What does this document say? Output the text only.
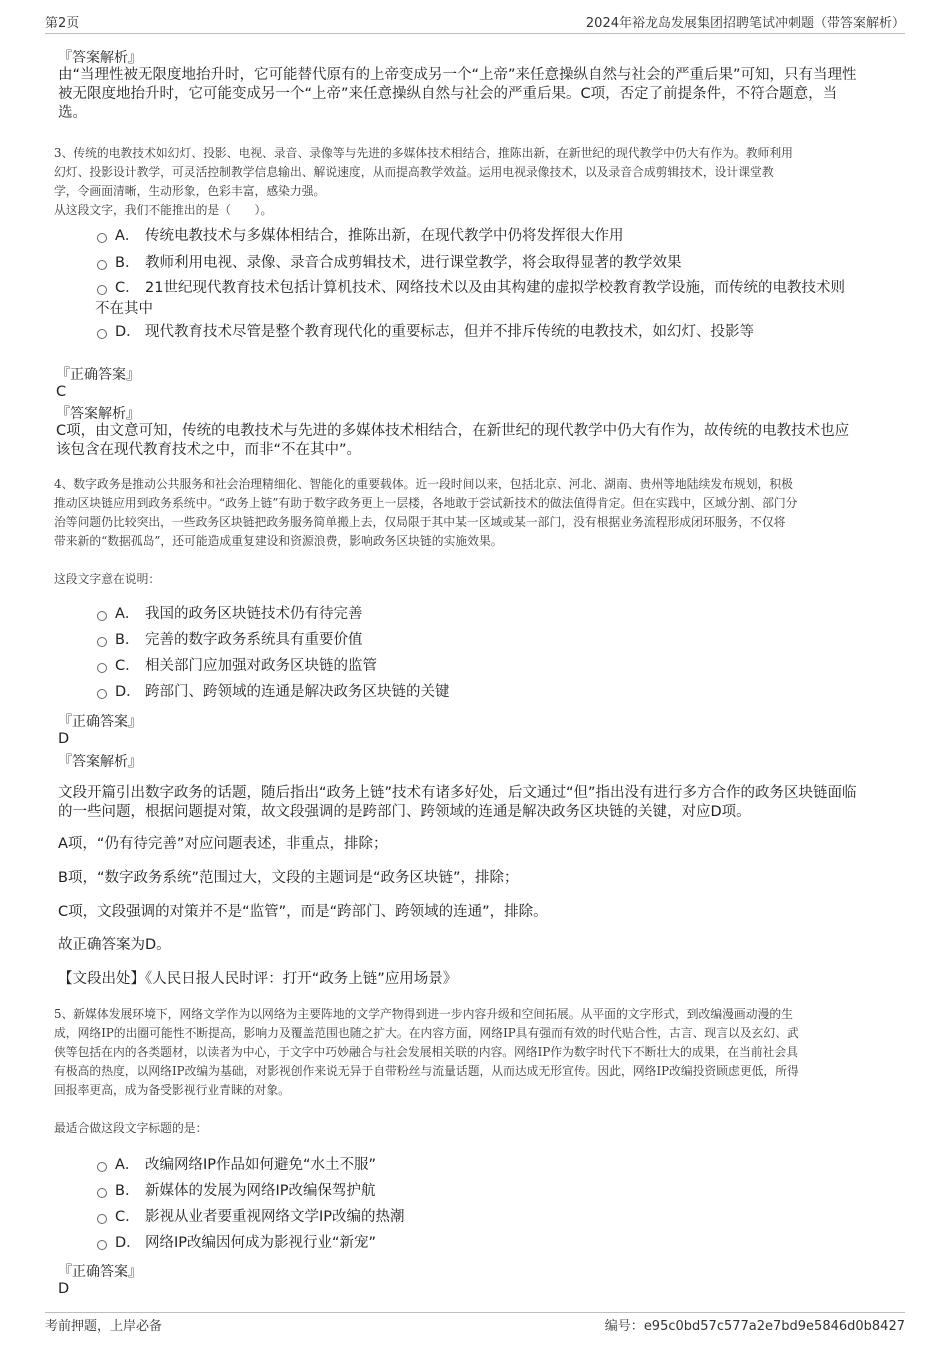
第2页	2024年裕龙岛发展集团招聘笔试冲刺题（带答案解析）
『答案解析』
由“当理性被无限度地抬升时，它可能替代原有的上帝变成另一个“上帝”来任意操纵自然与社会的严重后果”可知，只有当理性
被无限度地抬升时，它可能变成另一个“上帝”来任意操纵自然与社会的严重后果。C项，否定了前提条件，不符合题意，当
选。
3、传统的电教技术如幻灯、投影、电视、录音、录像等与先进的多媒体技术相结合，推陈出新，在新世纪的现代教学中仍大有作为。教师利用
幻灯、投影设计教学，可灵活控制教学信息输出、解说速度，从而提高教学效益。运用电视录像技术，以及录音合成剪辑技术，设计课堂教
学，令画面清晰，生动形象，色彩丰富，感染力强。
从这段文字，我们不能推出的是（　　）。
A． 传统电教技术与多媒体相结合，推陈出新，在现代教学中仍将发挥很大作用
B． 教师利用电视、录像、录音合成剪辑技术，进行课堂教学，将会取得显著的教学效果
C． 21世纪现代教育技术包括计算机技术、网络技术以及由其构建的虚拟学校教育教学设施，而传统的电教技术则
不在其中
D． 现代教育技术尽管是整个教育现代化的重要标志，但并不排斥传统的电教技术，如幻灯、投影等
『正确答案』
C
『答案解析』
C项，由文意可知，传统的电教技术与先进的多媒体技术相结合，在新世纪的现代教学中仍大有作为，故传统的电教技术也应
该包含在现代教育技术之中，而非“不在其中”。
4、数字政务是推动公共服务和社会治理精细化、智能化的重要载体。近一段时间以来，包括北京、河北、湖南、贵州等地陆续发布规划，积极
推动区块链应用到政务系统中。“政务上链”有助于数字政务更上一层楼，各地敢于尝试新技术的做法值得肯定。但在实践中，区域分割、部门分
治等问题仍比较突出，一些政务区块链把政务服务简单搬上去，仅局限于其中某一区域或某一部门，没有根据业务流程形成闭环服务，不仅将
带来新的“数据孤岛”，还可能造成重复建设和资源浪费，影响政务区块链的实施效果。
这段文字意在说明：
A． 我国的政务区块链技术仍有待完善
B． 完善的数字政务系统具有重要价值
C． 相关部门应加强对政务区块链的监管
D． 跨部门、跨领域的连通是解决政务区块链的关键
『正确答案』
D
『答案解析』
文段开篇引出数字政务的话题，随后指出“政务上链”技术有诸多好处，后文通过“但”指出没有进行多方合作的政务区块链面临
的一些问题，根据问题提对策，故文段强调的是跨部门、跨领域的连通是解决政务区块链的关键，对应D项。
A项，“仍有待完善”对应问题表述，非重点，排除；
B项，“数字政务系统”范围过大，文段的主题词是“政务区块链”，排除；
C项，文段强调的对策并不是“监管”，而是“跨部门、跨领域的连通”，排除。
故正确答案为D。
【文段出处】《人民日报人民时评：打开“政务上链”应用场景》
5、新媒体发展环境下，网络文学作为以网络为主要阵地的文学产物得到进一步内容升级和空间拓展。从平面的文字形式，到改编漫画动漫的生
成，网络IP的出圈可能性不断提高，影响力及覆盖范围也随之扩大。在内容方面，网络IP具有强而有效的时代贴合性，古言、现言以及玄幻、武
侠等包括在内的各类题材，以读者为中心，于文字中巧妙融合与社会发展相关联的内容。网络IP作为数字时代下不断壮大的成果，在当前社会具
有极高的热度，以网络IP改编为基础，对影视创作来说无异于自带粉丝与流量话题，从而达成无形宣传。因此，网络IP改编投资顾虑更低，所得
回报率更高，成为备受影视行业青睐的对象。
最适合做这段文字标题的是：
A． 改编网络IP作品如何避免“水土不服”
B． 新媒体的发展为网络IP改编保驾护航
C． 影视从业者要重视网络文学IP改编的热潮
D． 网络IP改编因何成为影视行业“新宠”
『正确答案』
D
考前押题，上岸必备	编号：e95c0bd57c577a2e7bd9e5846d0b8427
